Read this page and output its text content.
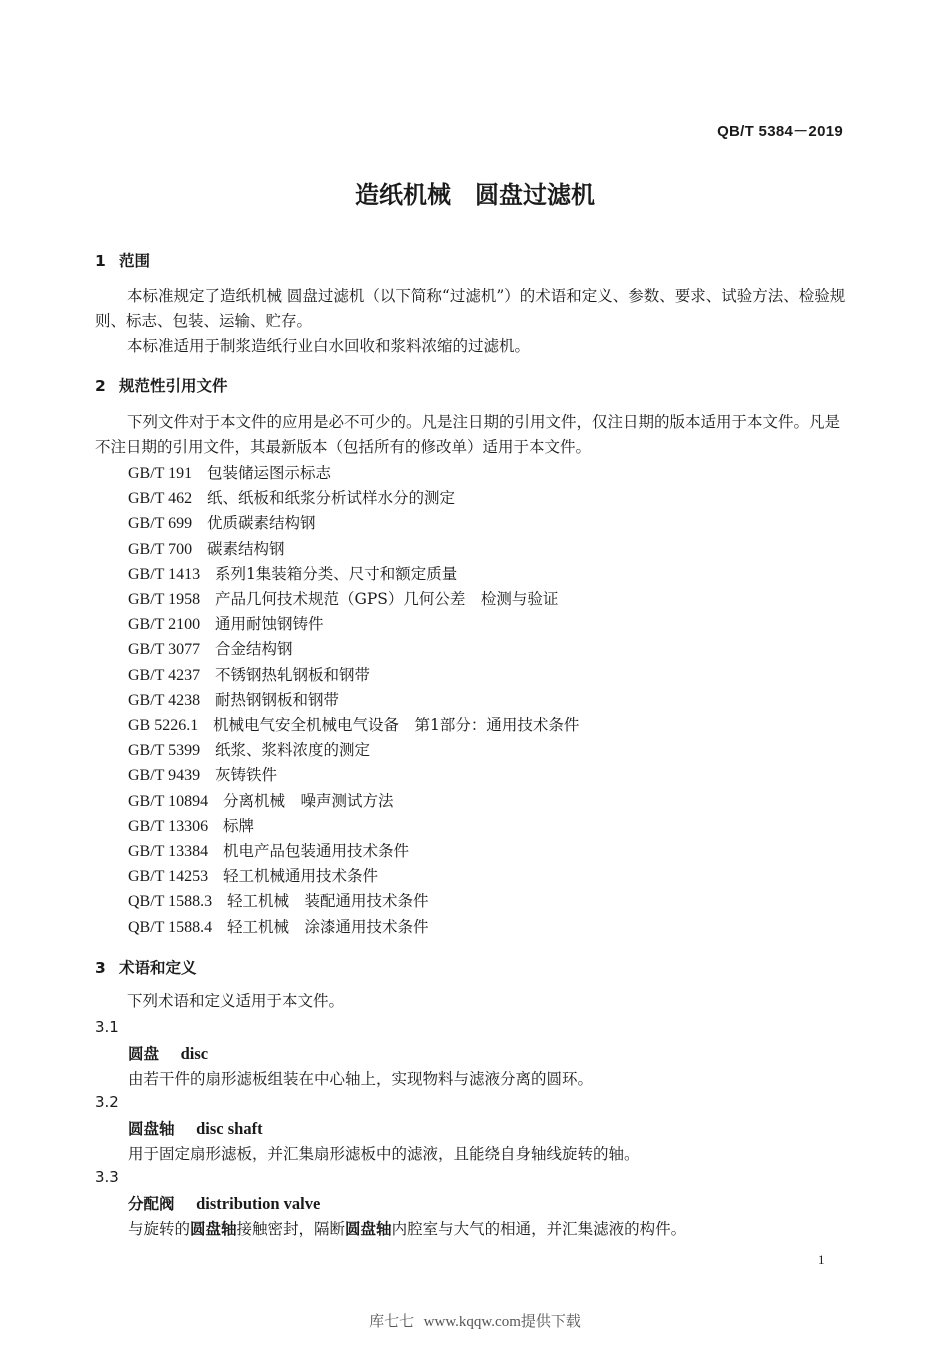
QB/T 5384－2019
造纸机械　圆盘过滤机
1 范围
本标准规定了造纸机械 圆盘过滤机（以下简称“过滤机”）的术语和定义、参数、要求、试验方法、检验规则、标志、包装、运输、贮存。
本标准适用于制浆造纸行业白水回收和浆料浓缩的过滤机。
2 规范性引用文件
下列文件对于本文件的应用是必不可少的。凡是注日期的引用文件，仅注日期的版本适用于本文件。凡是不注日期的引用文件，其最新版本（包括所有的修改单）适用于本文件。
GB/T 191 包装储运图示标志
GB/T 462 纸、纸板和纸浆分析试样水分的测定
GB/T 699 优质碳素结构钢
GB/T 700 碳素结构钢
GB/T 1413 系列1集装箱分类、尺寸和额定质量
GB/T 1958 产品几何技术规范（GPS）几何公差　检测与验证
GB/T 2100 通用耐蚀钢铸件
GB/T 3077 合金结构钢
GB/T 4237 不锈钢热轧钢板和钢带
GB/T 4238 耐热钢钢板和钢带
GB 5226.1 机械电气安全机械电气设备　第1部分：通用技术条件
GB/T 5399 纸浆、浆料浓度的测定
GB/T 9439 灰铸铁件
GB/T 10894 分离机械　噪声测试方法
GB/T 13306 标牌
GB/T 13384 机电产品包装通用技术条件
GB/T 14253 轻工机械通用技术条件
QB/T 1588.3 轻工机械　装配通用技术条件
QB/T 1588.4 轻工机械　涂漆通用技术条件
3 术语和定义
下列术语和定义适用于本文件。
3.1
圆盘 disc
由若干件的扇形滤板组装在中心轴上，实现物料与滤液分离的圆环。
3.2
圆盘轴 disc shaft
用于固定扇形滤板，并汇集扇形滤板中的滤液，且能绕自身轴线旋转的轴。
3.3
分配阀 distribution valve
与旋转的圆盘轴接触密封，隔断圆盘轴内腔室与大气的相通，并汇集滤液的构件。
1
库七七 www.kqqw.com提供下载
